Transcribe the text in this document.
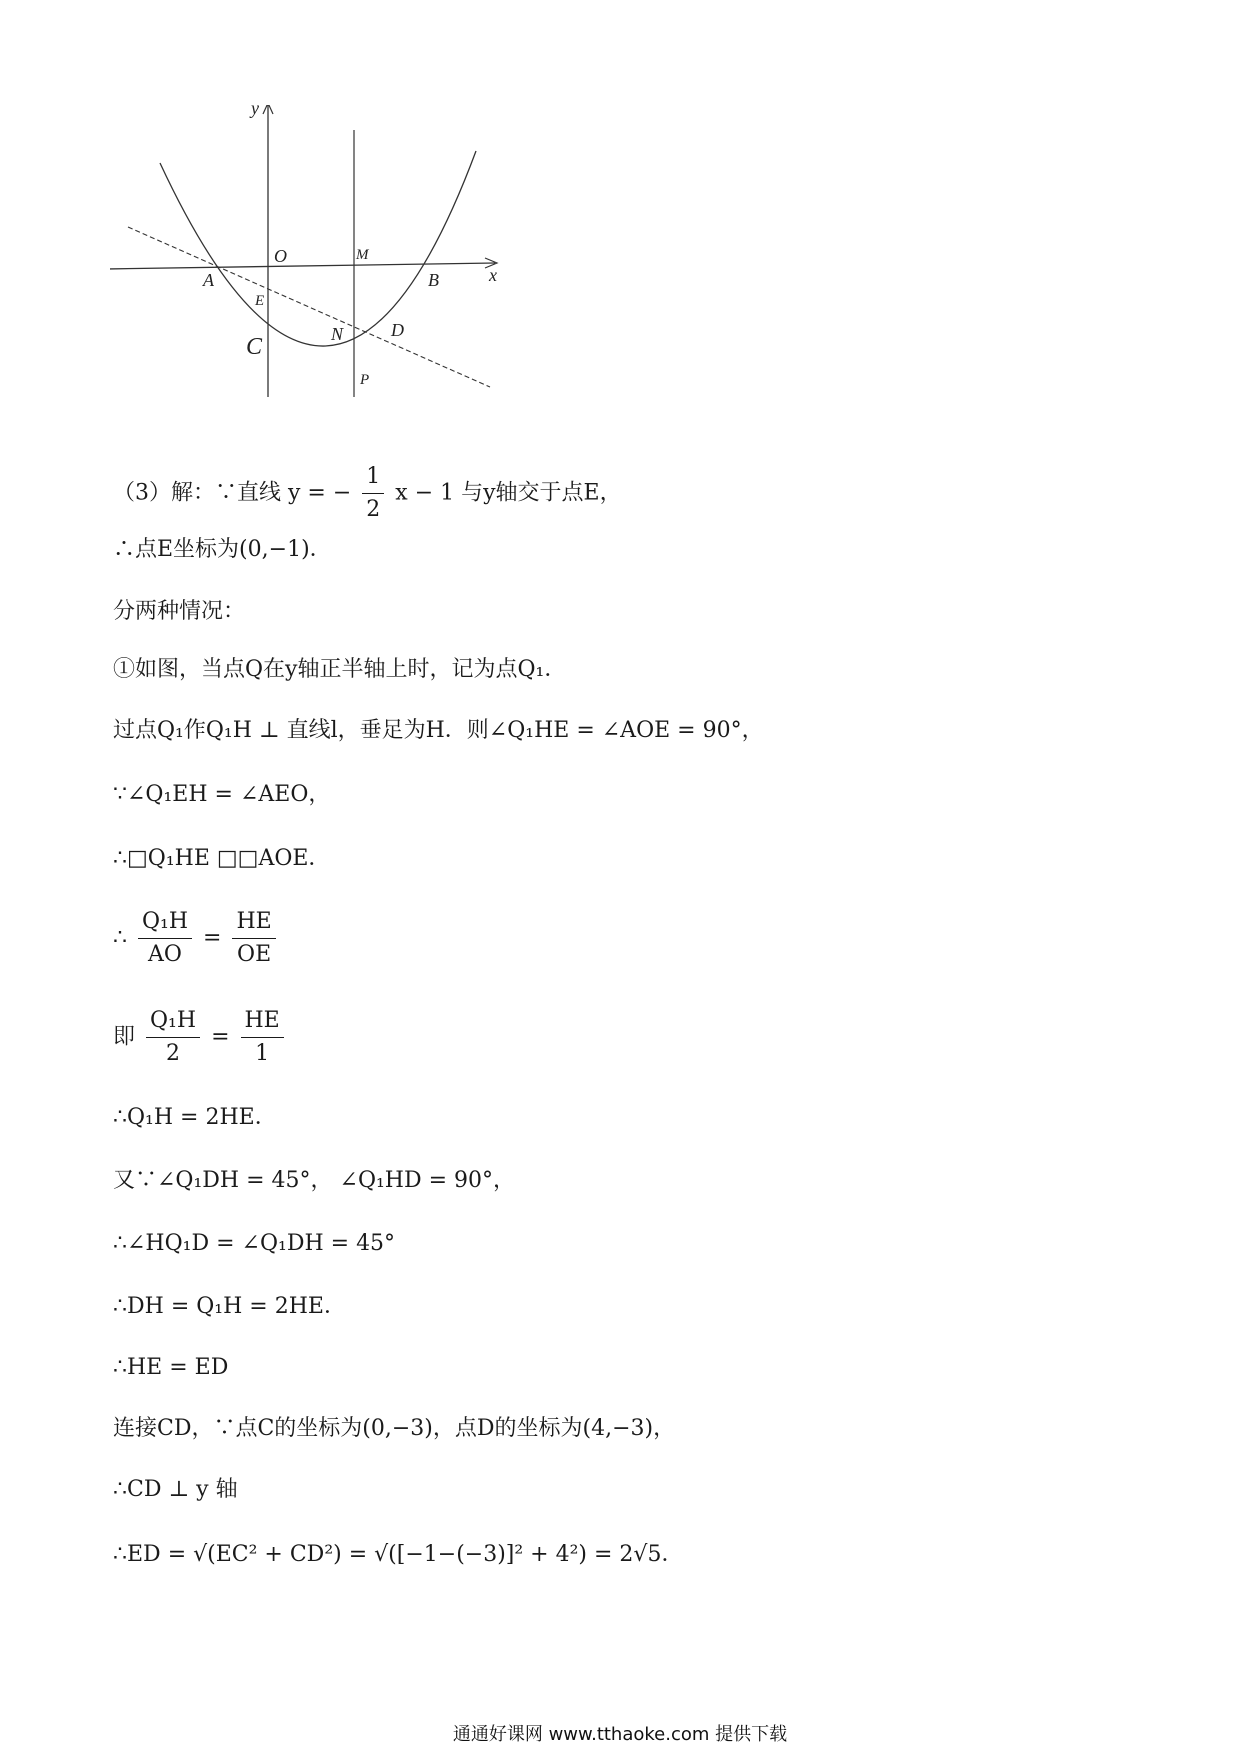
y
x
O	M
A	B
E
N	D
C
P
（3）解：∵直线 y = − $\frac{1}{2}$ x − 1 与y轴交于点E，
∴点E坐标为(0,−1)．
分两种情况：
①如图，当点Q在y轴正半轴上时，记为点Q₁．
过点Q₁作Q₁H ⊥ 直线l，垂足为H．则∠Q₁HE = ∠AOE = 90°，
∵∠Q₁EH = ∠AEO，
∴□Q₁HE □□AOE．
∴ $\frac{\text{Q₁H}}{AO} = \frac{HE}{OE}$
即 $\frac{\text{Q₁H}}{2} = \frac{HE}{1}$
∴Q₁H = 2HE．
又∵∠Q₁DH = 45°， ∠Q₁HD = 90°，
∴∠HQ₁D = ∠Q₁DH = 45°
∴DH = Q₁H = 2HE．
∴HE = ED
连接CD，∵点C的坐标为(0,−3)，点D的坐标为(4,−3)，
∴CD ⊥ y 轴
∴ED = √(EC² + CD²) = √([−1−(−3)]² + 4²) = 2√5．
通通好课网 www.tthaoke.com 提供下载
